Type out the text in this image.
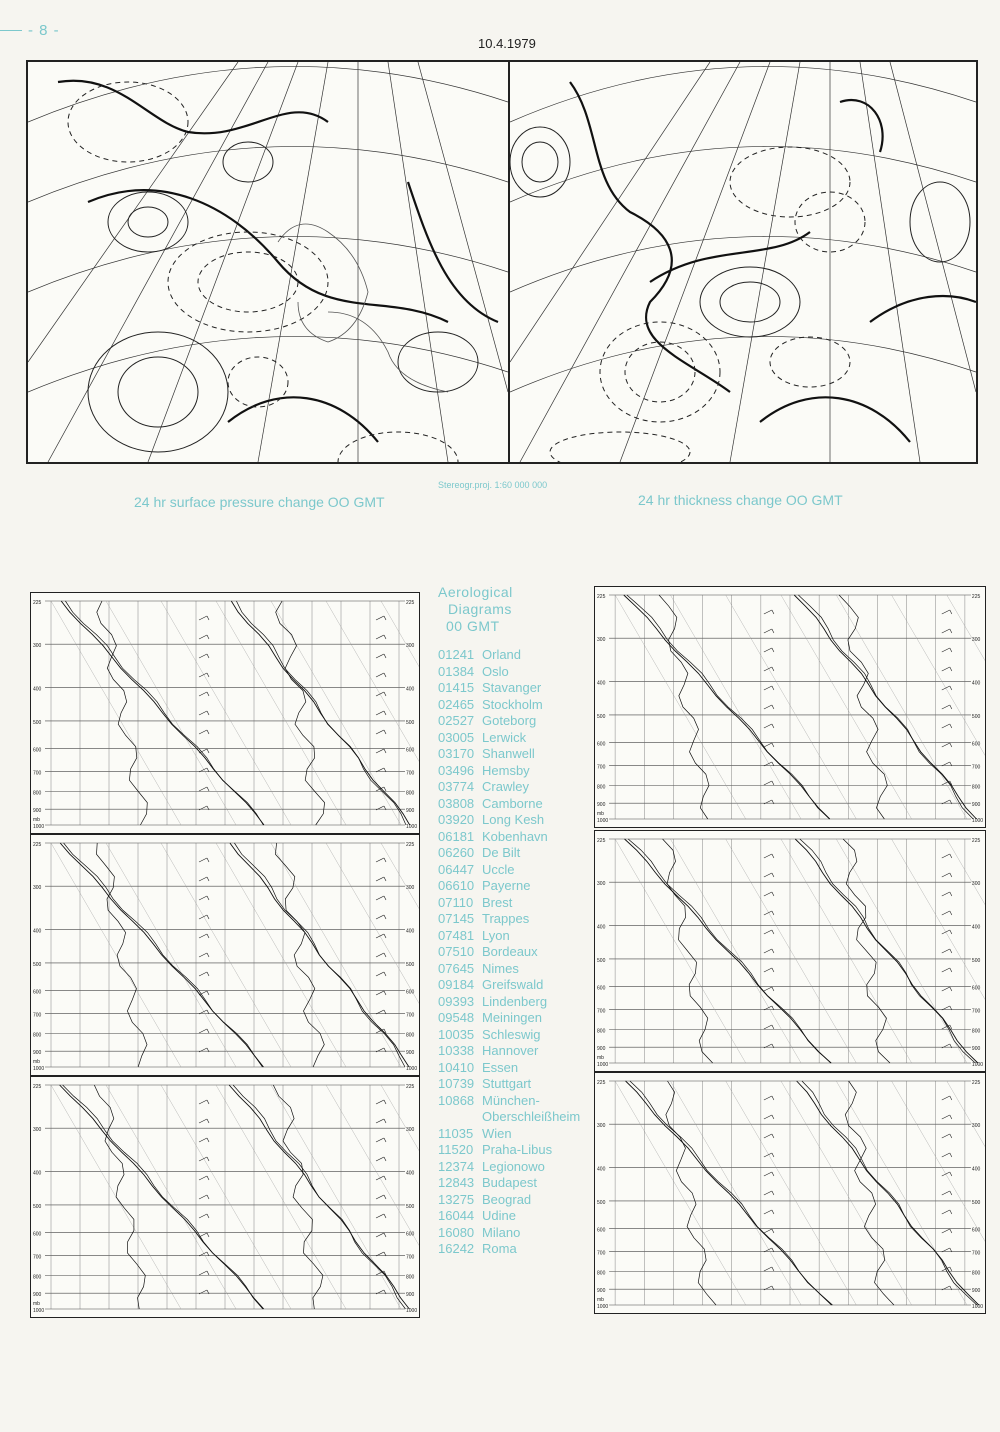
- 8 -
10.4.1979
Stereogr.proj. 1:60 000 000
24 hr surface pressure change OO GMT	24 hr thickness change OO GMT
225	225
300	300
400	400
500	500
600	600
700	700
800	800
900	900
1000	1000
mb
225	225
300	300
400	400
500	500
600	600
700	700
800	800
900	900
1000	1000
mb
225	225
300	300
400	400
500	500
600	600
700	700
800	800
900	900
1000	1000
mb
225	225
300	300
400	400
500	500
600	600
700	700
800	800
900	900
1000	1000
mb
225	225
300	300
400	400
500	500
600	600
700	700
800	800
900	900
1000	1000
mb
225	225
300	300
400	400
500	500
600	600
700	700
800	800
900	900
1000	1000
mb
Aerological
Diagrams
00 GMT
01241 Orland
01384 Oslo
01415 Stavanger
02465 Stockholm
02527 Goteborg
03005 Lerwick
03170 Shanwell
03496 Hemsby
03774 Crawley
03808 Camborne
03920 Long Kesh
06181 Kobenhavn
06260 De Bilt
06447 Uccle
06610 Payerne
07110 Brest
07145 Trappes
07481 Lyon
07510 Bordeaux
07645 Nimes
09184 Greifswald
09393 Lindenberg
09548 Meiningen
10035 Schleswig
10338 Hannover
10410 Essen
10739 Stuttgart
10868 München-
Oberschleißheim
11035 Wien
11520 Praha-Libus
12374 Legionowo
12843 Budapest
13275 Beograd
16044 Udine
16080 Milano
16242 Roma
